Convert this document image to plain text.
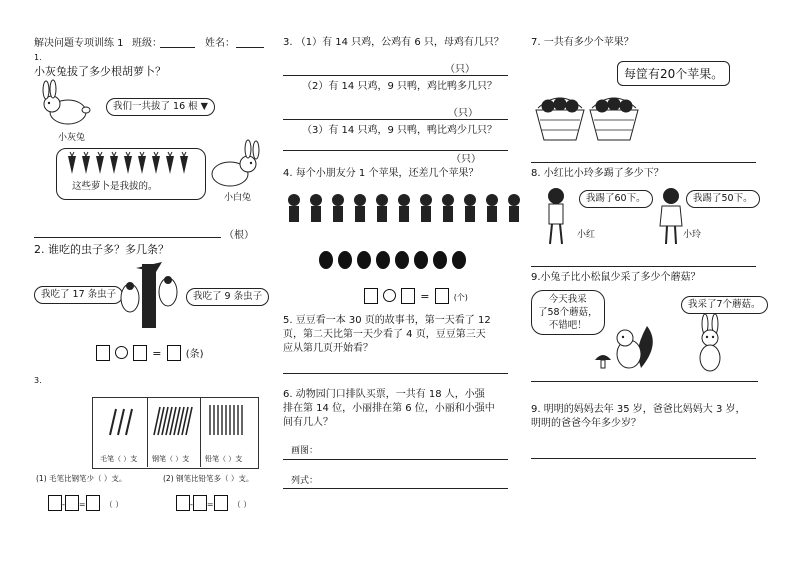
解决问题专项训练 1 班级：	姓名：
1.
小灰兔拔了多少根胡萝卜？
小灰兔
我们一共拔了 16 根 ▼
这些萝卜是我拔的。
小白兔
（根）
2. 谁吃的虫子多？多几条？
我吃了 17 条虫子	我吃了 9 条虫子
= (条)
3.
毛笔（ ）支 钢笔（ ）支 铅笔（ ）支
(1) 毛笔比钢笔少（ ）支。	(2) 钢笔比铅笔多（ ）支。
- = （ ）	- = （ ）
3. （1）有 14 只鸡，公鸡有 6 只，母鸡有几只？
（只）
（2）有 14 只鸡，9 只鸭，鸡比鸭多几只？
（只）
（3）有 14 只鸡，9 只鸭，鸭比鸡少几只？
（只）
4. 每个小朋友分 1 个苹果，还差几个苹果？
=	(个)
5. 豆豆看一本 30 页的故事书，第一天看了 12
页，第二天比第一天少看了 4 页，豆豆第三天
应从第几页开始看？
6. 动物园门口排队买票，一共有 18 人，小强
排在第 14 位，小丽排在第 6 位，小丽和小强中
间有几人？
画图：
列式：
7. 一共有多少个苹果？
每筐有20个苹果。
8. 小红比小玲多踢了多少下？
我踢了60下。	我踢了50下。
小红	小玲
9.小兔子比小松鼠少采了多少个蘑菇？
今天我采
了58个蘑菇，
不错吧！
我采了7个蘑菇。
9. 明明的妈妈去年 35 岁，爸爸比妈妈大 3 岁，
明明的爸爸今年多少岁？
